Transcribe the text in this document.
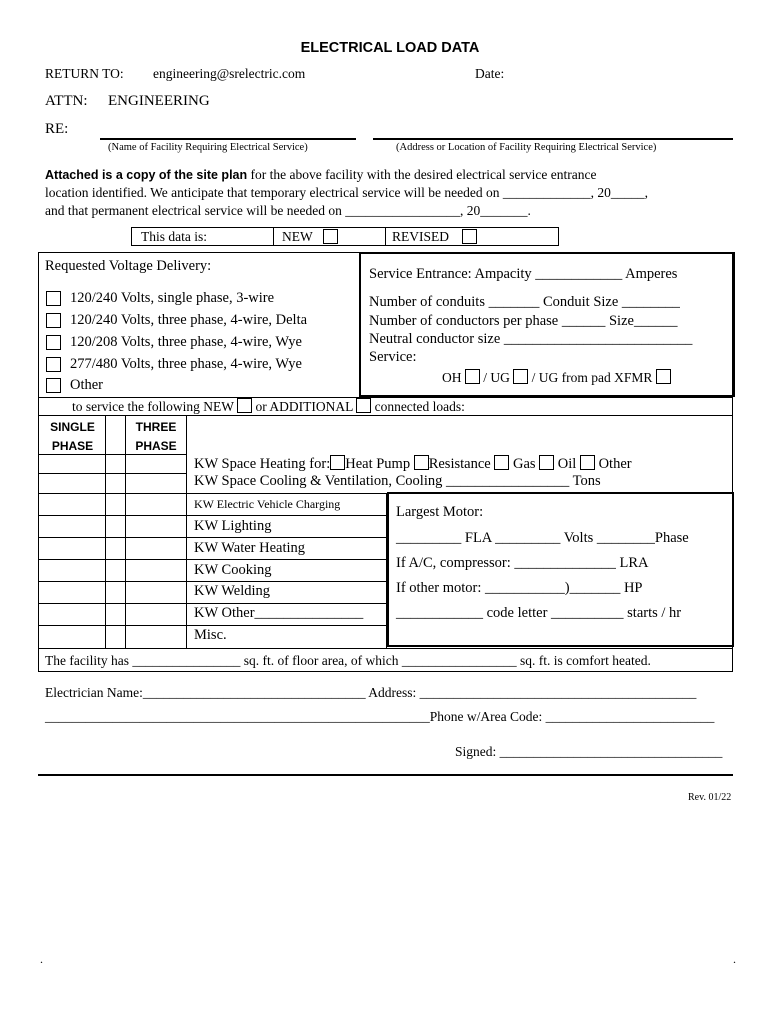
ELECTRICAL LOAD DATA
RETURN TO: engineering@srelectric.com	Date:
ATTN: ENGINEERING
RE:
(Name of Facility Requiring Electrical Service)	(Address or Location of Facility Requiring Electrical Service)
Attached is a copy of the site plan for the above facility with the desired electrical service entrance
location identified. We anticipate that temporary electrical service will be needed on _____________, 20_____,
and that permanent electrical service will be needed on _________________, 20_______.
This data is:	NEW	REVISED
Requested Voltage Delivery:
120/240 Volts, single phase, 3-wire
120/240 Volts, three phase, 4-wire, Delta
120/208 Volts, three phase, 4-wire, Wye
277/480 Volts, three phase, 4-wire, Wye
Other
Service Entrance: Ampacity ____________ Amperes
Number of conduits _______ Conduit Size ________
Number of conductors per phase ______ Size______
Neutral conductor size __________________________
Service:
OH / UG / UG from pad XFMR
to service the following NEW or ADDITIONAL connected loads:
SINGLE
PHASE
THREE
PHASE
KW Space Heating for: Heat Pump Resistance Gas Oil Other
KW Space Cooling & Ventilation, Cooling _________________ Tons
KW Electric Vehicle Charging
KW Lighting
KW Water Heating
KW Cooking
KW Welding
KW Other_______________
Misc.
Largest Motor:
_________ FLA _________ Volts ________Phase
If A/C, compressor: ______________ LRA
If other motor: ___________)_______ HP
____________ code letter __________ starts / hr
The facility has ________________ sq. ft. of floor area, of which _________________ sq. ft. is comfort heated.
Electrician Name:_________________________________ Address: _________________________________________
_________________________________________________________Phone w/Area Code: _________________________
Signed: _________________________________
Rev. 01/22
.	.
